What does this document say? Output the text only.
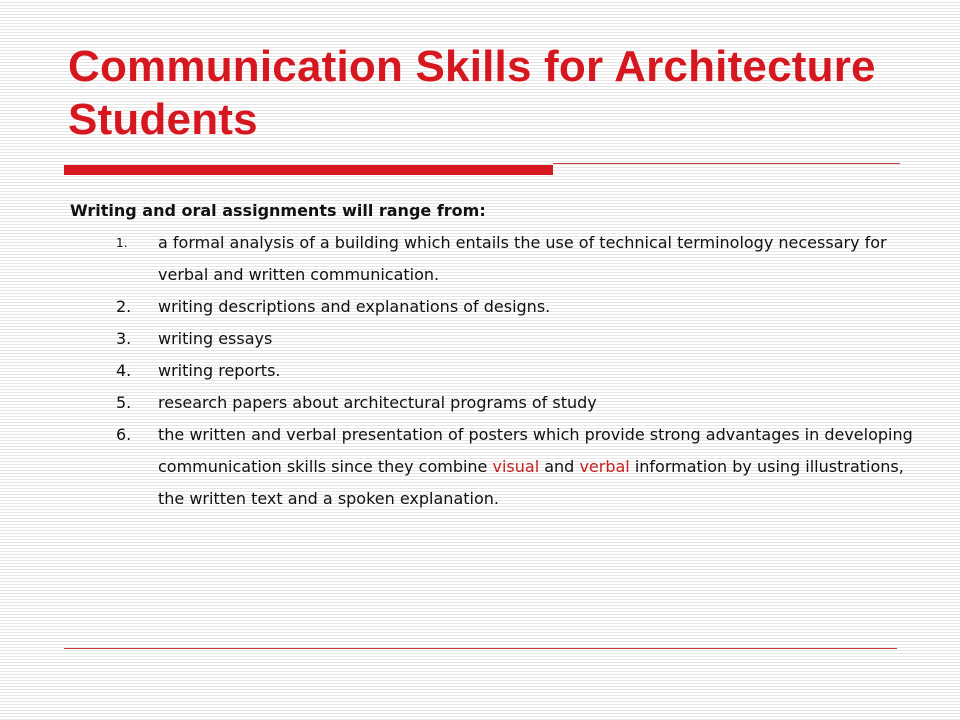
Communication Skills for Architecture Students

Writing and oral assignments will range from:

1.	a formal analysis of a building which entails the use of technical terminology necessary for verbal and written communication.
2.	writing descriptions and explanations of designs.
3.	writing essays
4.	writing reports.
5.	research papers about architectural programs of study
6.	the written and verbal presentation of posters which provide strong advantages in developing communication skills since they combine visual and verbal information by using illustrations, the written text and a spoken explanation.
